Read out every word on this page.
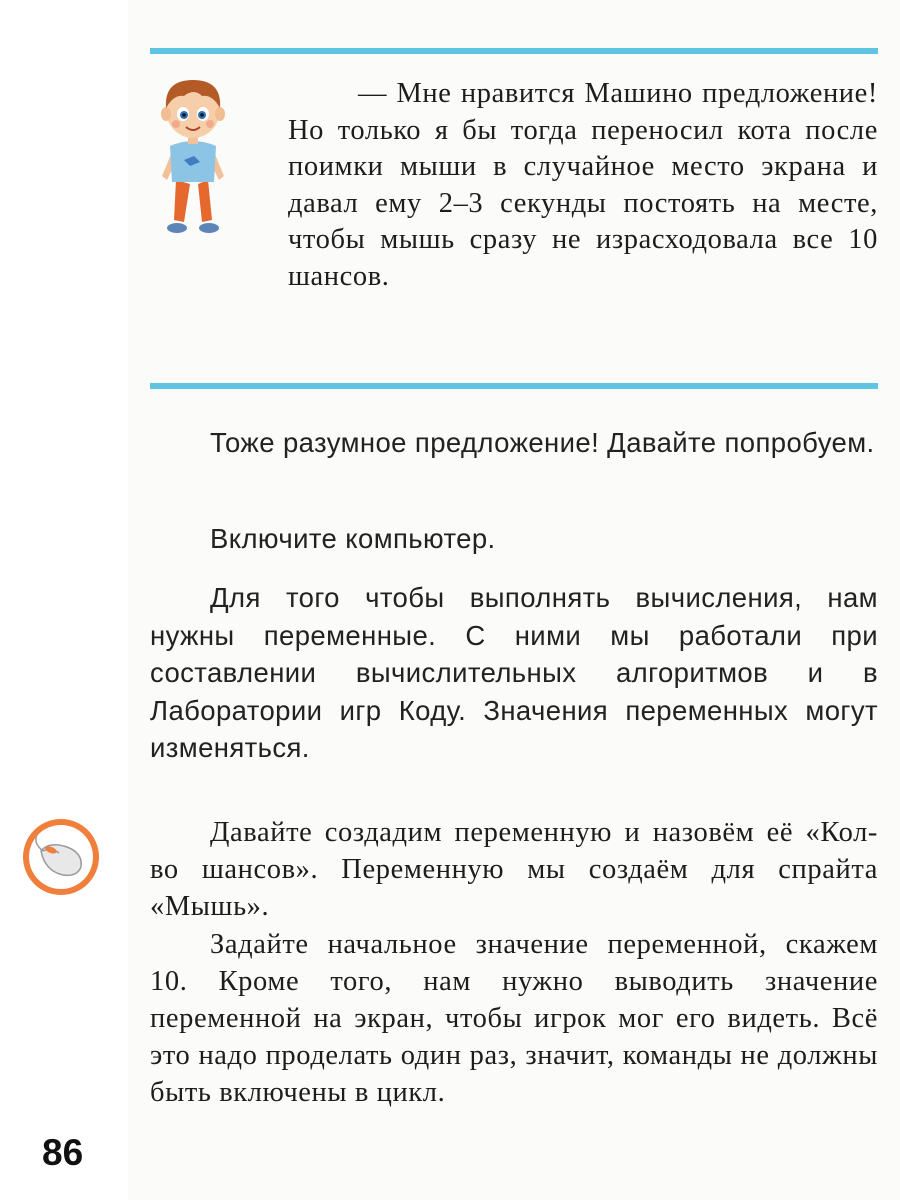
— Мне нравится Машино предложение! Но только я бы тогда переносил кота после поимки мыши в случайное место экрана и давал ему 2–3 секунды постоять на месте, чтобы мышь сразу не израсходовала все 10 шансов.

Тоже разумное предложение! Давайте попробуем.

Включите компьютер.

Для того чтобы выполнять вычисления, нам нужны переменные. С ними мы работали при составлении вычислительных алгоритмов и в Лаборатории игр Коду. Значения переменных могут изменяться.

Давайте создадим переменную и назовём её «Кол-во шансов». Переменную мы создаём для спрайта «Мышь».

Задайте начальное значение переменной, скажем 10. Кроме того, нам нужно выводить значение переменной на экран, чтобы игрок мог его видеть. Всё это надо проделать один раз, значит, команды не должны быть включены в цикл.

86
